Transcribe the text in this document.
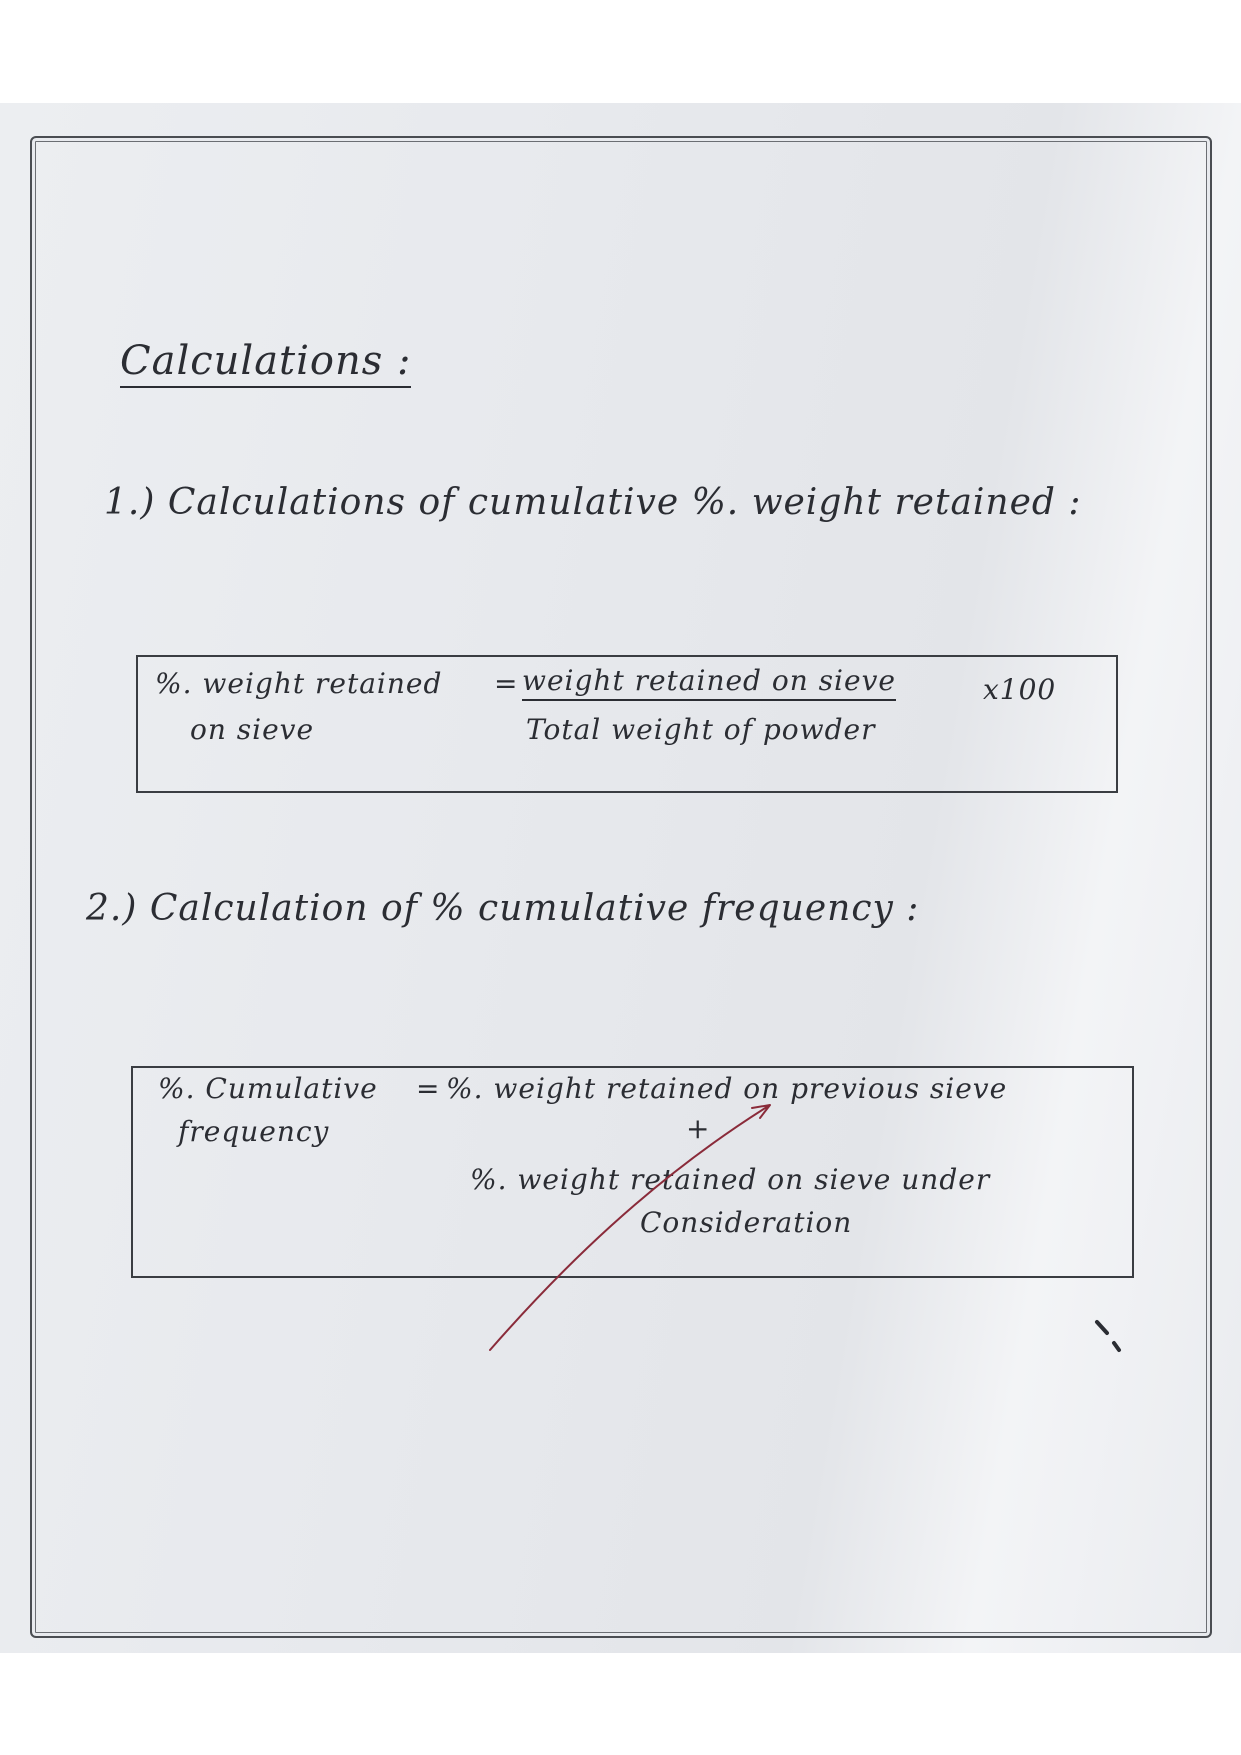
Calculations :
1.) Calculations of cumulative %. weight retained :
%. weight retained
on sieve
= weight retained on sieve	x100
Total weight of powder
2.) Calculation of % cumulative frequency :
%. Cumulative
frequency
= %. weight retained on previous sieve
+
%. weight retained on sieve under
Consideration
